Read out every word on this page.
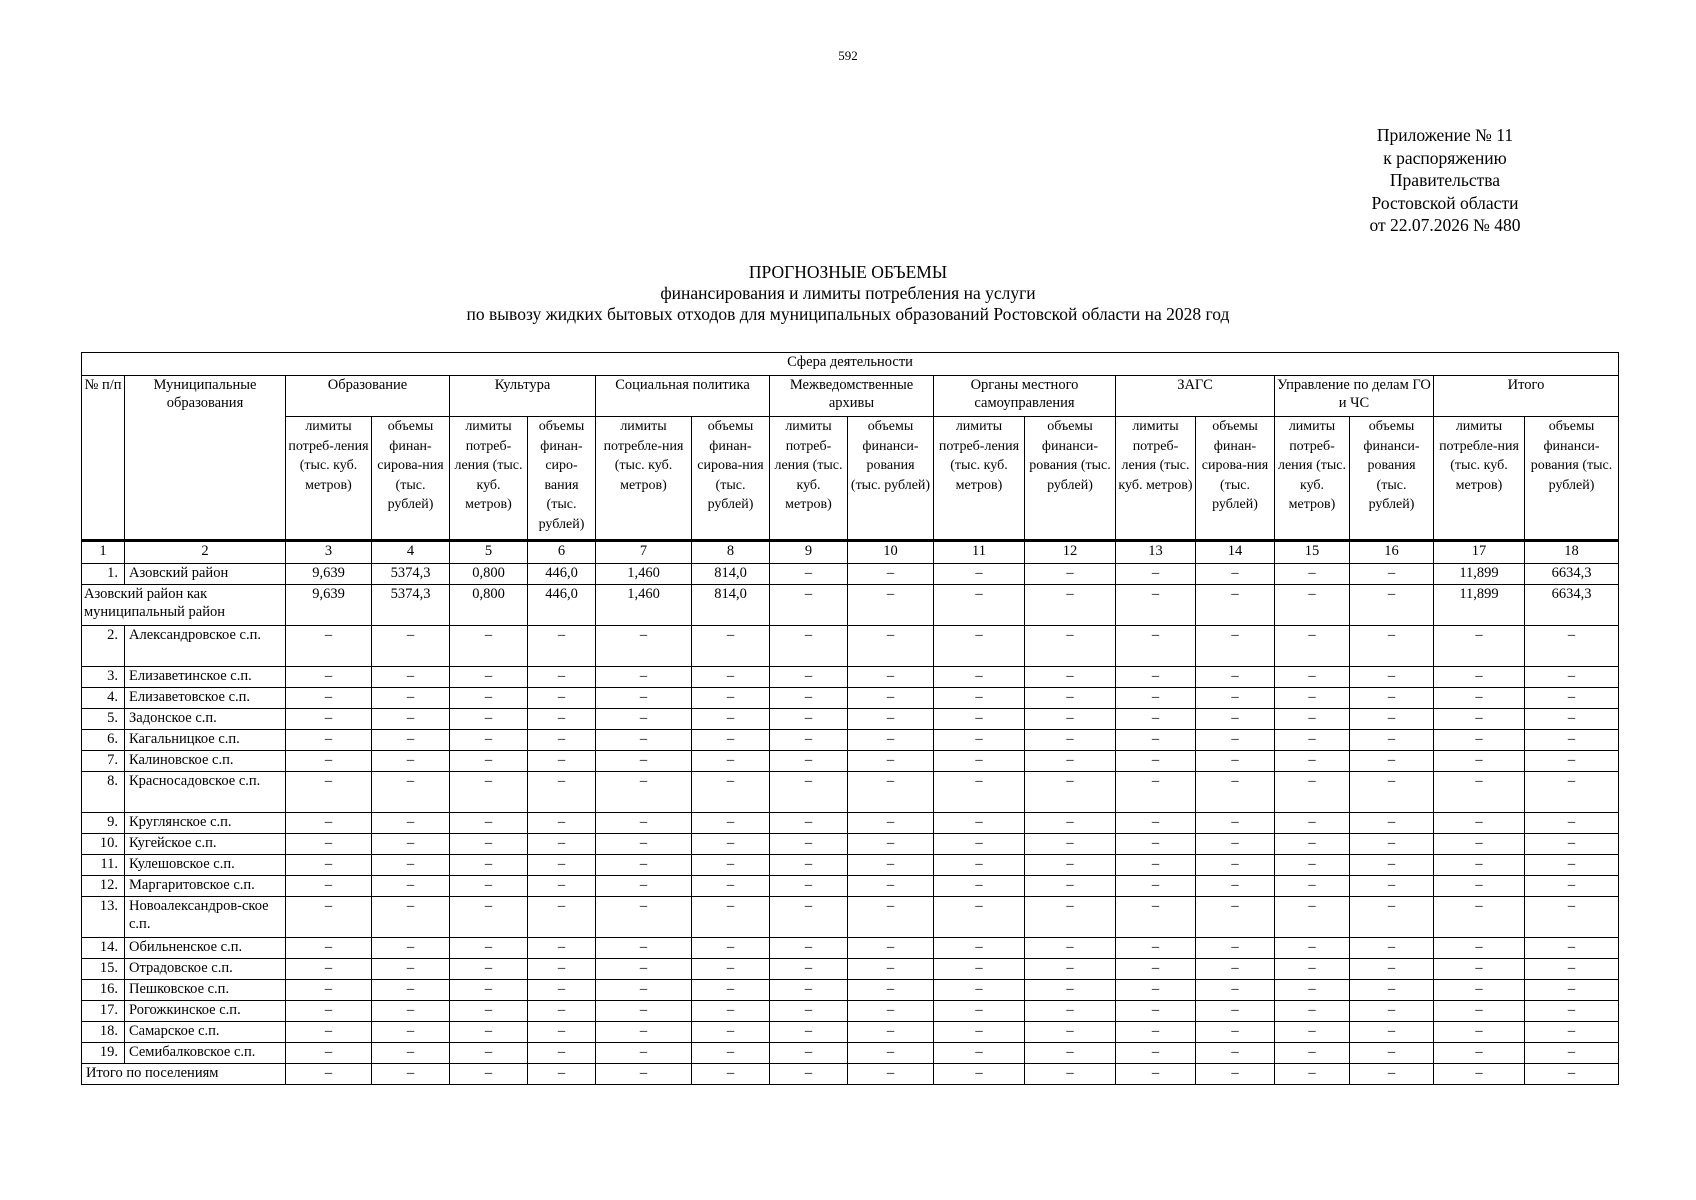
592
Приложение № 11
к распоряжению
Правительства
Ростовской области
от 22.07.2026 № 480
ПРОГНОЗНЫЕ ОБЪЕМЫ
финансирования и лимиты потребления на услуги
по вывозу жидких бытовых отходов для муниципальных образований Ростовской области на 2028 год
Сфера деятельности																	
№ п/п	Муниципальные образования	Образование		Культура		Социальная политика		Межведомственные архивы		Органы местного самоуправления		ЗАГС		Управление по делам ГО и ЧС		Итого	
		лимиты потреб-ления (тыс. куб. метров)	объемы финан-сирова-ния (тыс. рублей)	лимиты потреб-ления (тыс. куб. метров)	объемы финан-сиро-вания (тыс. рублей)	лимиты потребле-ния (тыс. куб. метров)	объемы финан-сирова-ния (тыс. рублей)	лимиты потреб-ления (тыс. куб. метров)	объемы финанси-рования (тыс. рублей)	лимиты потреб-ления (тыс. куб. метров)	объемы финанси-рования (тыс. рублей)	лимиты потреб-ления (тыс. куб. метров)	объемы финан-сирова-ния (тыс. рублей)	лимиты потреб-ления (тыс. куб. метров)	объемы финанси-рования (тыс. рублей)	лимиты потребле-ния (тыс. куб. метров)	объемы финанси-рования (тыс. рублей)
1	2	3	4	5	6	7	8	9	10	11	12	13	14	15	16	17	18
1.	Азовский район	9,639	5374,3	0,800	446,0	1,460	814,0	–	–	–	–	–	–	–	–	11,899	6634,3
Азовский район как муниципальный район		9,639	5374,3	0,800	446,0	1,460	814,0	–	–	–	–	–	–	–	–	11,899	6634,3
2.	Александровское с.п.	–	–	–	–	–	–	–	–	–	–	–	–	–	–	–	–
3.	Елизаветинское с.п.	–	–	–	–	–	–	–	–	–	–	–	–	–	–	–	–
4.	Елизаветовское с.п.	–	–	–	–	–	–	–	–	–	–	–	–	–	–	–	–
5.	Задонское с.п.	–	–	–	–	–	–	–	–	–	–	–	–	–	–	–	–
6.	Кагальницкое с.п.	–	–	–	–	–	–	–	–	–	–	–	–	–	–	–	–
7.	Калиновское с.п.	–	–	–	–	–	–	–	–	–	–	–	–	–	–	–	–
8.	Красносадовское с.п.	–	–	–	–	–	–	–	–	–	–	–	–	–	–	–	–
9.	Круглянское с.п.	–	–	–	–	–	–	–	–	–	–	–	–	–	–	–	–
10.	Кугейское с.п.	–	–	–	–	–	–	–	–	–	–	–	–	–	–	–	–
11.	Кулешовское с.п.	–	–	–	–	–	–	–	–	–	–	–	–	–	–	–	–
12.	Маргаритовское с.п.	–	–	–	–	–	–	–	–	–	–	–	–	–	–	–	–
13.	Новоалександров-ское с.п.	–	–	–	–	–	–	–	–	–	–	–	–	–	–	–	–
14.	Обильненское с.п.	–	–	–	–	–	–	–	–	–	–	–	–	–	–	–	–
15.	Отрадовское с.п.	–	–	–	–	–	–	–	–	–	–	–	–	–	–	–	–
16.	Пешковское с.п.	–	–	–	–	–	–	–	–	–	–	–	–	–	–	–	–
17.	Рогожкинское с.п.	–	–	–	–	–	–	–	–	–	–	–	–	–	–	–	–
18.	Самарское с.п.	–	–	–	–	–	–	–	–	–	–	–	–	–	–	–	–
19.	Семибалковское с.п.	–	–	–	–	–	–	–	–	–	–	–	–	–	–	–	–
Итого по поселениям		–	–	–	–	–	–	–	–	–	–	–	–	–	–	–	–
